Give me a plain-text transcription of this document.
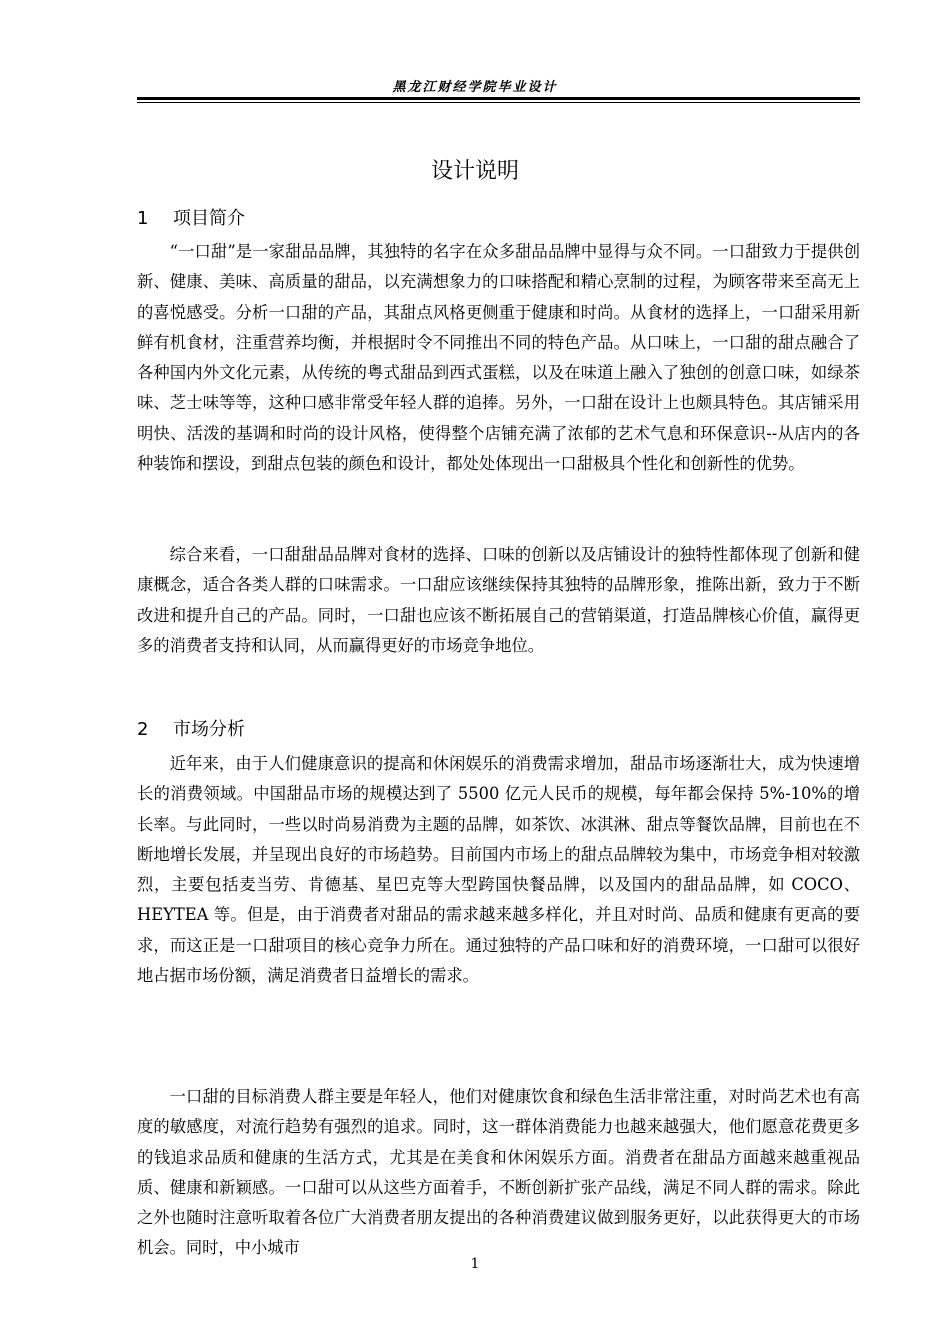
黑龙江财经学院毕业设计
设计说明
1 项目简介

“一口甜”是一家甜品品牌，其独特的名字在众多甜品品牌中显得与众不同。一口甜致力于提供创新、健康、美味、高质量的甜品，以充满想象力的口味搭配和精心烹制的过程，为顾客带来至高无上的喜悦感受。分析一口甜的产品，其甜点风格更侧重于健康和时尚。从食材的选择上，一口甜采用新鲜有机食材，注重营养均衡，并根据时令不同推出不同的特色产品。从口味上，一口甜的甜点融合了各种国内外文化元素，从传统的粤式甜品到西式蛋糕，以及在味道上融入了独创的创意口味，如绿茶味、芝士味等等，这种口感非常受年轻人群的追捧。另外，一口甜在设计上也颇具特色。其店铺采用明快、活泼的基调和时尚的设计风格，使得整个店铺充满了浓郁的艺术气息和环保意识--从店内的各种装饰和摆设，到甜点包装的颜色和设计，都处处体现出一口甜极具个性化和创新性的优势。

综合来看，一口甜甜品品牌对食材的选择、口味的创新以及店铺设计的独特性都体现了创新和健康概念，适合各类人群的口味需求。一口甜应该继续保持其独特的品牌形象，推陈出新，致力于不断改进和提升自己的产品。同时，一口甜也应该不断拓展自己的营销渠道，打造品牌核心价值，赢得更多的消费者支持和认同，从而赢得更好的市场竞争地位。

2 市场分析

近年来，由于人们健康意识的提高和休闲娱乐的消费需求增加，甜品市场逐渐壮大，成为快速增长的消费领域。中国甜品市场的规模达到了 5500 亿元人民币的规模，每年都会保持 5%-10%的增长率。与此同时，一些以时尚易消费为主题的品牌，如茶饮、冰淇淋、甜点等餐饮品牌，目前也在不断地增长发展，并呈现出良好的市场趋势。目前国内市场上的甜点品牌较为集中，市场竞争相对较激烈，主要包括麦当劳、肯德基、星巴克等大型跨国快餐品牌，以及国内的甜品品牌，如 COCO、HEYTEA 等。但是，由于消费者对甜品的需求越来越多样化，并且对时尚、品质和健康有更高的要求，而这正是一口甜项目的核心竞争力所在。通过独特的产品口味和好的消费环境，一口甜可以很好地占据市场份额，满足消费者日益增长的需求。

一口甜的目标消费人群主要是年轻人，他们对健康饮食和绿色生活非常注重，对时尚艺术也有高度的敏感度，对流行趋势有强烈的追求。同时，这一群体消费能力也越来越强大，他们愿意花费更多的钱追求品质和健康的生活方式，尤其是在美食和休闲娱乐方面。消费者在甜品方面越来越重视品质、健康和新颖感。一口甜可以从这些方面着手，不断创新扩张产品线，满足不同人群的需求。除此之外也随时注意听取着各位广大消费者朋友提出的各种消费建议做到服务更好，以此获得更大的市场机会。同时，中小城市

1
